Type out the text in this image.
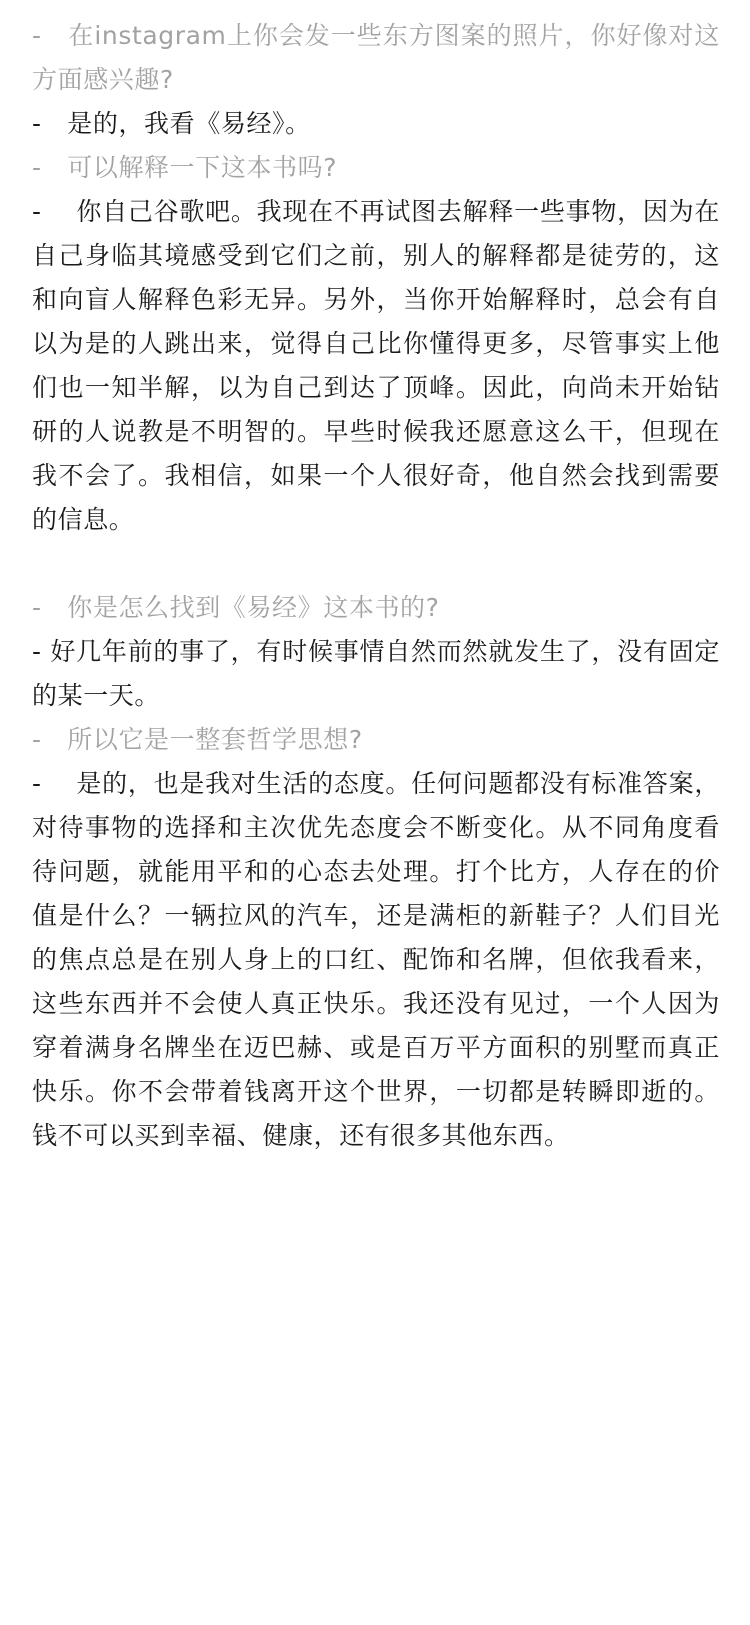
-   在instagram上你会发一些东方图案的照片，你好像对这方面感兴趣?

-   是的，我看《易经》。

-   可以解释一下这本书吗?

-    你自己谷歌吧。我现在不再试图去解释一些事物，因为在自己身临其境感受到它们之前，别人的解释都是徒劳的，这和向盲人解释色彩无异。另外，当你开始解释时，总会有自以为是的人跳出来，觉得自己比你懂得更多，尽管事实上他们也一知半解，以为自己到达了顶峰。因此，向尚未开始钻研的人说教是不明智的。早些时候我还愿意这么干，但现在我不会了。我相信，如果一个人很好奇，他自然会找到需要的信息。

-   你是怎么找到《易经》这本书的?

- 好几年前的事了，有时候事情自然而然就发生了，没有固定的某一天。

-   所以它是一整套哲学思想?

-    是的，也是我对生活的态度。任何问题都没有标准答案，对待事物的选择和主次优先态度会不断变化。从不同角度看待问题，就能用平和的心态去处理。打个比方，人存在的价值是什么？一辆拉风的汽车，还是满柜的新鞋子？人们目光的焦点总是在别人身上的口红、配饰和名牌，但依我看来，这些东西并不会使人真正快乐。我还没有见过，一个人因为穿着满身名牌坐在迈巴赫、或是百万平方面积的别墅而真正快乐。你不会带着钱离开这个世界，一切都是转瞬即逝的。钱不可以买到幸福、健康，还有很多其他东西。
